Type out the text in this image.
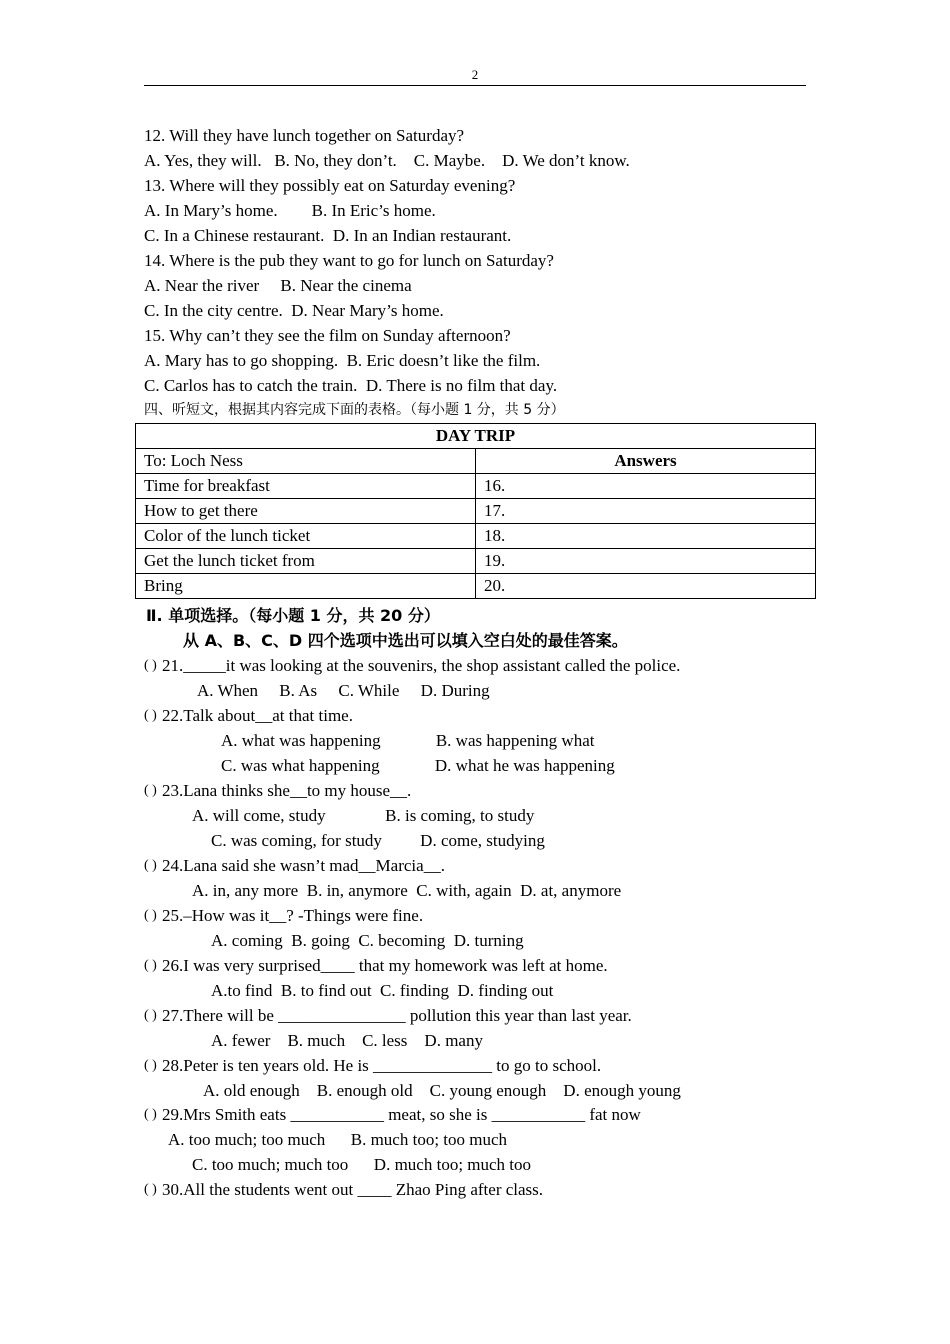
2
12. Will they have lunch together on Saturday?
A. Yes, they will.   B. No, they don’t.    C. Maybe.    D. We don’t know.
13. Where will they possibly eat on Saturday evening?
A. In Mary’s home.        B. In Eric’s home.
C. In a Chinese restaurant.  D. In an Indian restaurant.
14. Where is the pub they want to go for lunch on Saturday?
A. Near the river     B. Near the cinema
C. In the city centre.  D. Near Mary’s home.
15. Why can’t they see the film on Sunday afternoon?
A. Mary has to go shopping.  B. Eric doesn’t like the film.
C. Carlos has to catch the train.  D. There is no film that day.
四、听短文，根据其内容完成下面的表格。（每小题 1 分，共 5 分）
DAY TRIP	
To: Loch Ness	Answers
Time for breakfast	16.
How to get there	17.
Color of the lunch ticket	18.
Get the lunch ticket from	19.
Bring	20.
Ⅱ. 单项选择。（每小题 1 分，共 20 分）
从 A、B、C、D 四个选项中选出可以填入空白处的最佳答案。
( ) 21._____it was looking at the souvenirs, the shop assistant called the police.
A. When     B. As     C. While     D. During
( ) 22.Talk about__at that time.
A. what was happening             B. was happening what
C. was what happening             D. what he was happening
( ) 23.Lana thinks she__to my house__.
A. will come, study              B. is coming, to study
C. was coming, for study         D. come, studying
( ) 24.Lana said she wasn’t mad__Marcia__.
A. in, any more  B. in, anymore  C. with, again  D. at, anymore
( ) 25.–How was it__? -Things were fine.
A. coming  B. going  C. becoming  D. turning
( ) 26.I was very surprised____ that my homework was left at home.
A.to find  B. to find out  C. finding  D. finding out
( ) 27.There will be _______________ pollution this year than last year.
A. fewer    B. much    C. less    D. many
( ) 28.Peter is ten years old. He is ______________ to go to school.
A. old enough    B. enough old    C. young enough    D. enough young
( ) 29.Mrs Smith eats ___________ meat, so she is ___________ fat now
A. too much; too much      B. much too; too much
C. too much; much too      D. much too; much too
( ) 30.All the students went out ____ Zhao Ping after class.
